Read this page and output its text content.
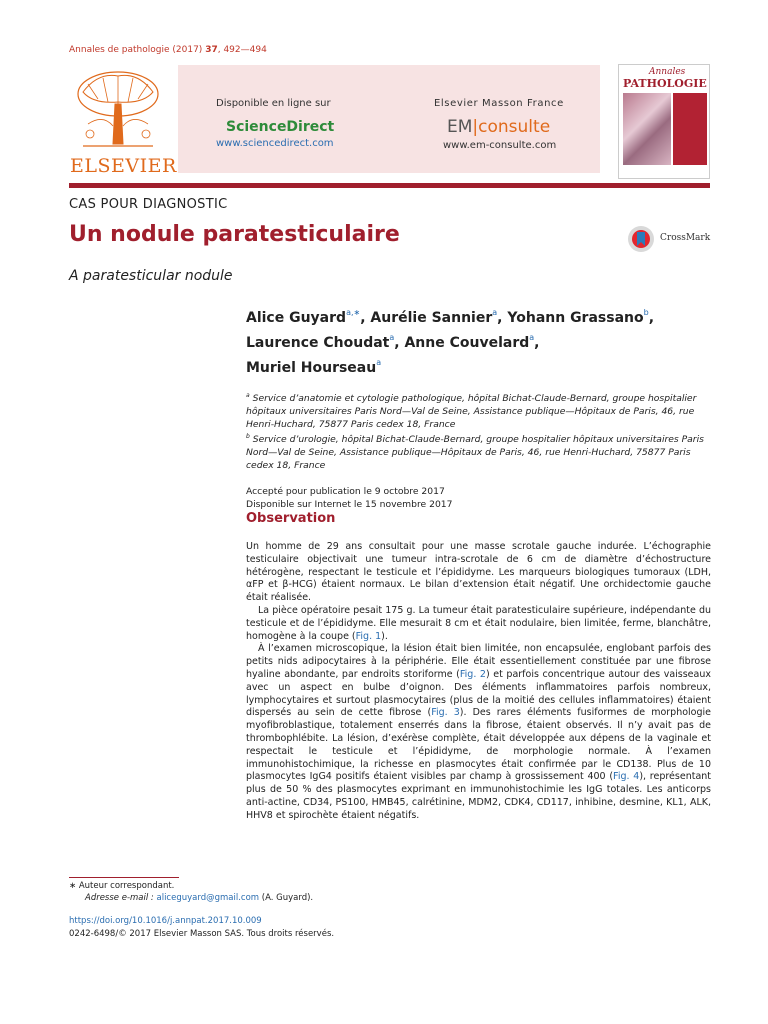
Annales de pathologie (2017) 37, 492—494
ELSEVIER
Disponible en ligne sur
ScienceDirect
www.sciencedirect.com
Elsevier Masson France
EM|consulte
www.em-consulte.com
Annales
PATHOLOGIE
CAS POUR DIAGNOSTIC
Un nodule paratesticulaire	CrossMark
A paratesticular nodule
Alice Guyard$^{a,∗}$, Aurélie Sannier$^a$, Yohann Grassano$^b$,
Laurence Choudat$^a$, Anne Couvelard$^a$,
Muriel Hourseau$^a$
$^a$ Service d’anatomie et cytologie pathologique, hôpital Bichat-Claude-Bernard, groupe hospitalier hôpitaux universitaires Paris Nord—Val de Seine, Assistance publique—Hôpitaux de Paris, 46, rue Henri-Huchard, 75877 Paris cedex 18, France
$^b$ Service d’urologie, hôpital Bichat-Claude-Bernard, groupe hospitalier hôpitaux universitaires Paris Nord—Val de Seine, Assistance publique—Hôpitaux de Paris, 46, rue Henri-Huchard, 75877 Paris cedex 18, France
Accepté pour publication le 9 octobre 2017
Disponible sur Internet le 15 novembre 2017
Observation

Un homme de 29 ans consultait pour une masse scrotale gauche indurée. L’échographie testiculaire objectivait une tumeur intra-scrotale de 6 cm de diamètre d’échostructure hétérogène, respectant le testicule et l’épididyme. Les marqueurs biologiques tumoraux (LDH, αFP et β-HCG) étaient normaux. Le bilan d’extension était négatif. Une orchidectomie gauche était réalisée.

La pièce opératoire pesait 175 g. La tumeur était paratesticulaire supérieure, indépendante du testicule et de l’épididyme. Elle mesurait 8 cm et était nodulaire, bien limitée, ferme, blanchâtre, homogène à la coupe (Fig. 1).

À l’examen microscopique, la lésion était bien limitée, non encapsulée, englobant parfois des petits nids adipocytaires à la périphérie. Elle était essentiellement constituée par une fibrose hyaline abondante, par endroits storiforme (Fig. 2) et parfois concentrique autour des vaisseaux avec un aspect en bulbe d’oignon. Des éléments inflammatoires parfois nombreux, lymphocytaires et surtout plasmocytaires (plus de la moitié des cellules inflammatoires) étaient dispersés au sein de cette fibrose (Fig. 3). Des rares éléments fusiformes de morphologie myofibroblastique, totalement enserrés dans la fibrose, étaient observés. Il n’y avait pas de thrombophlébite. La lésion, d’exérèse complète, était développée aux dépens de la vaginale et respectait le testicule et l’épididyme, de morphologie normale. À l’examen immunohistochimique, la richesse en plasmocytes était confirmée par le CD138. Plus de 10 plasmocytes IgG4 positifs étaient visibles par champ à grossissement 400 (Fig. 4), représentant plus de 50 % des plasmocytes exprimant en immunohistochimie les IgG totales. Les anticorps anti-actine, CD34, PS100, HMB45, calrétinine, MDM2, CDK4, CD117, inhibine, desmine, KL1, ALK, HHV8 et spirochète étaient négatifs.

∗ Auteur correspondant.
Adresse e-mail : aliceguyard@gmail.com (A. Guyard).
https://doi.org/10.1016/j.annpat.2017.10.009
0242-6498/© 2017 Elsevier Masson SAS. Tous droits réservés.
